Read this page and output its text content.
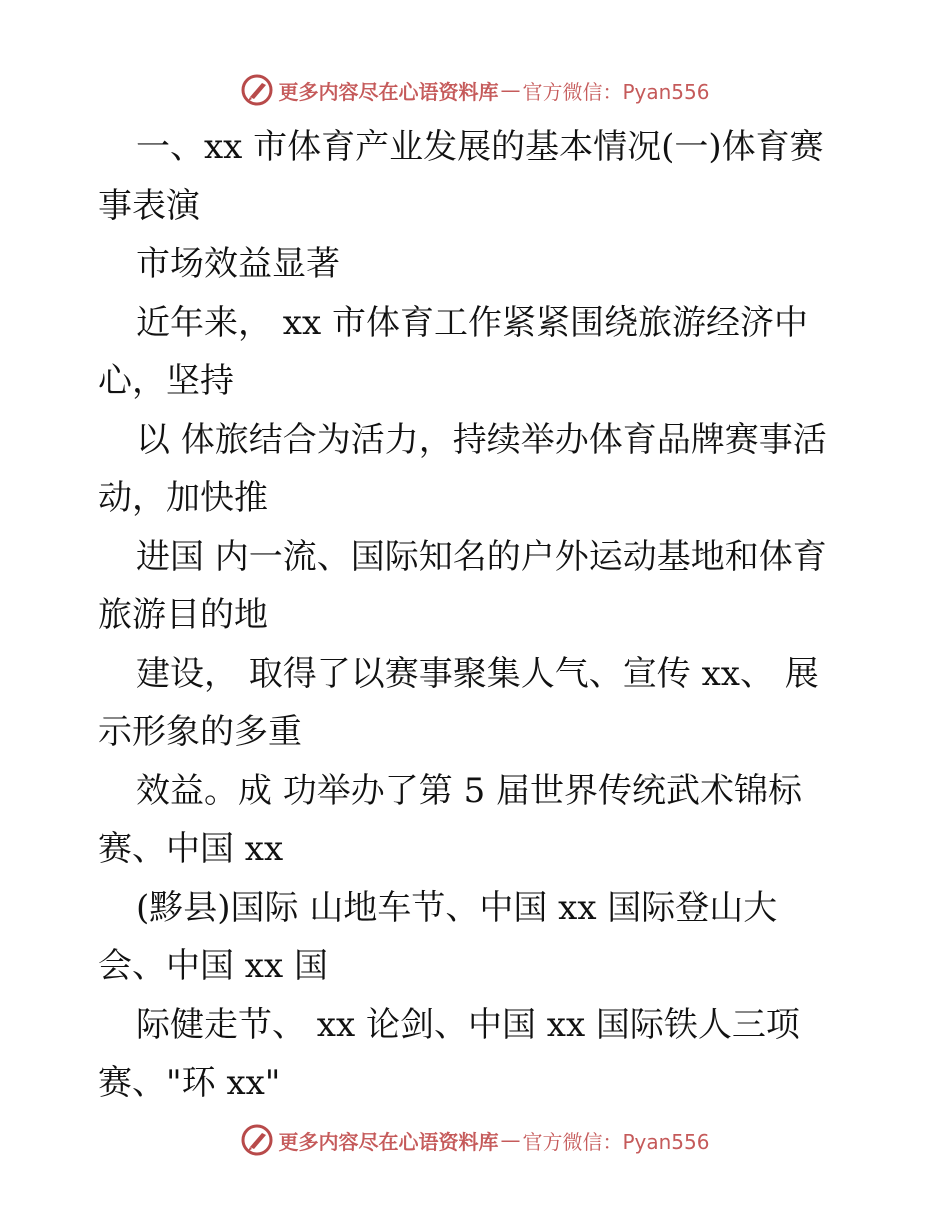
更多内容尽在心语资料库 — 官方微信：Pyan556

一、xx 市体育产业发展的基本情况(一)体育赛事表演

市场效益显著

近年来， xx 市体育工作紧紧围绕旅游经济中心，坚持

以 体旅结合为活力，持续举办体育品牌赛事活动，加快推

进国 内一流、国际知名的户外运动基地和体育旅游目的地

建设， 取得了以赛事聚集人气、宣传 xx、 展示形象的多重

效益。成 功举办了第 5 届世界传统武术锦标赛、中国 xx

(黟县)国际 山地车节、中国 xx 国际登山大会、中国 xx 国

际健走节、 xx 论剑、中国 xx 国际铁人三项赛、"环 xx"

更多内容尽在心语资料库 — 官方微信：Pyan556
